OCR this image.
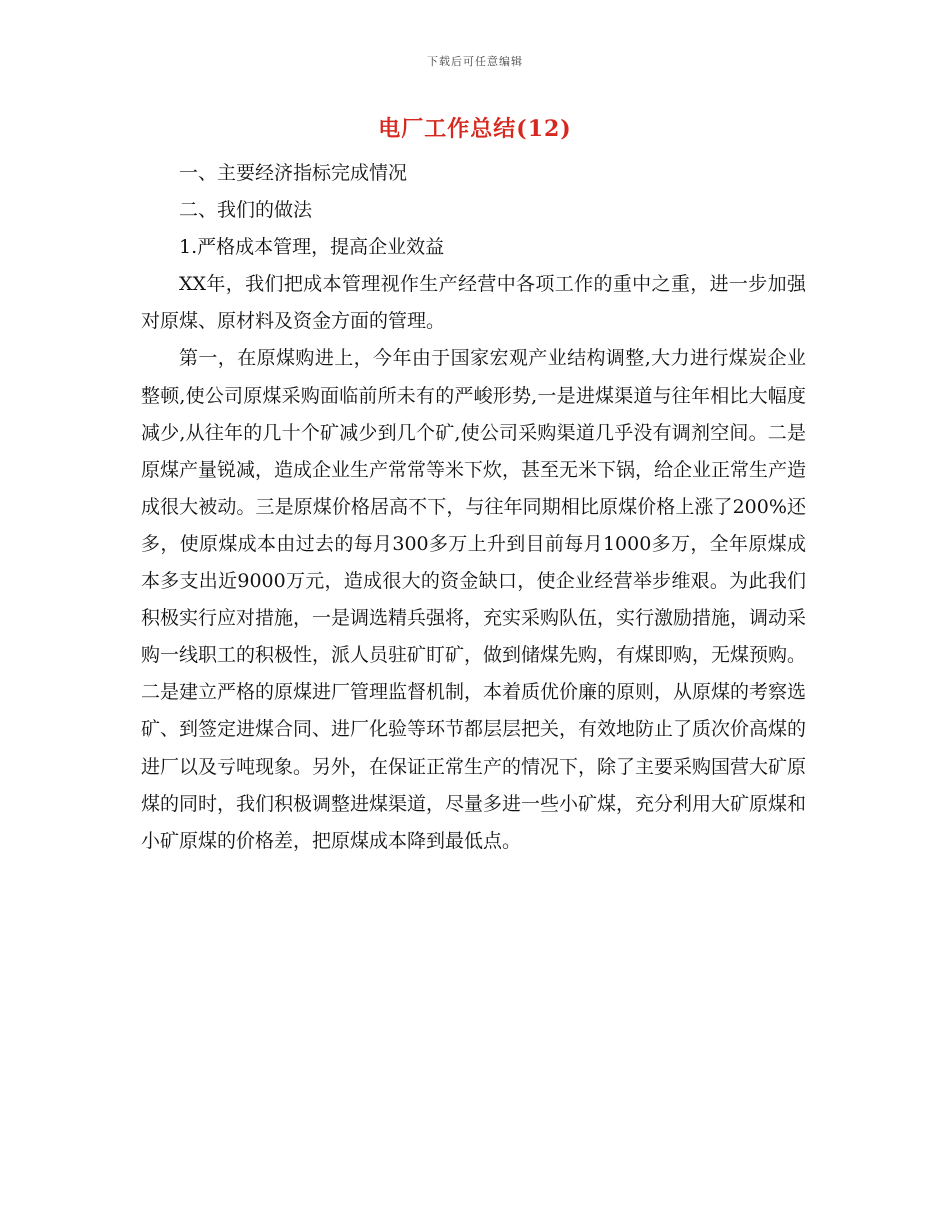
下载后可任意编辑
电厂工作总结(12)

一、主要经济指标完成情况

二、我们的做法

1.严格成本管理，提高企业效益

XX年，我们把成本管理视作生产经营中各项工作的重中之重，进一步加强对原煤、原材料及资金方面的管理。

第一，在原煤购进上，今年由于国家宏观产业结构调整,大力进行煤炭企业整顿,使公司原煤采购面临前所未有的严峻形势,一是进煤渠道与往年相比大幅度减少,从往年的几十个矿减少到几个矿,使公司采购渠道几乎没有调剂空间。二是原煤产量锐减，造成企业生产常常等米下炊，甚至无米下锅，给企业正常生产造成很大被动。三是原煤价格居高不下，与往年同期相比原煤价格上涨了200%还多，使原煤成本由过去的每月300多万上升到目前每月1000多万，全年原煤成本多支出近9000万元，造成很大的资金缺口，使企业经营举步维艰。为此我们积极实行应对措施，一是调选精兵强将，充实采购队伍，实行激励措施，调动采购一线职工的积极性，派人员驻矿盯矿，做到储煤先购，有煤即购，无煤预购。二是建立严格的原煤进厂管理监督机制，本着质优价廉的原则，从原煤的考察选矿、到签定进煤合同、进厂化验等环节都层层把关，有效地防止了质次价高煤的进厂以及亏吨现象。另外，在保证正常生产的情况下，除了主要采购国营大矿原煤的同时，我们积极调整进煤渠道，尽量多进一些小矿煤，充分利用大矿原煤和小矿原煤的价格差，把原煤成本降到最低点。
